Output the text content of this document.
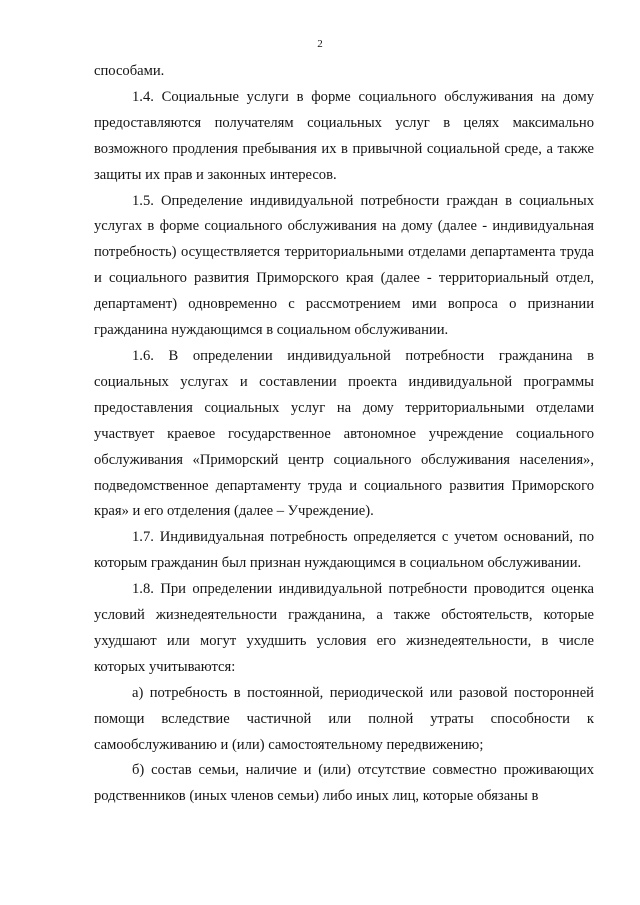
2

способами.

1.4. Социальные услуги в форме социального обслуживания на дому предоставляются получателям социальных услуг в целях максимально возможного продления пребывания их в привычной социальной среде, а также защиты их прав и законных интересов.

1.5. Определение индивидуальной потребности граждан в социальных услугах в форме социального обслуживания на дому (далее - индивидуальная потребность) осуществляется территориальными отделами департамента труда и социального развития Приморского края (далее - территориальный отдел, департамент) одновременно с рассмотрением ими вопроса о признании гражданина нуждающимся в социальном обслуживании.

1.6. В определении индивидуальной потребности гражданина в социальных услугах и составлении проекта индивидуальной программы предоставления социальных услуг на дому территориальными отделами участвует краевое государственное автономное учреждение социального обслуживания «Приморский центр социального обслуживания населения», подведомственное департаменту труда и социального развития Приморского края» и его отделения (далее – Учреждение).

1.7. Индивидуальная потребность определяется с учетом оснований, по которым гражданин был признан нуждающимся в социальном обслуживании.

1.8. При определении индивидуальной потребности проводится оценка условий жизнедеятельности гражданина, а также обстоятельств, которые ухудшают или могут ухудшить условия его жизнедеятельности, в числе которых учитываются:

а) потребность в постоянной, периодической или разовой посторонней помощи вследствие частичной или полной утраты способности к самообслуживанию и (или) самостоятельному передвижению;

б) состав семьи, наличие и (или) отсутствие совместно проживающих родственников (иных членов семьи) либо иных лиц, которые обязаны в
